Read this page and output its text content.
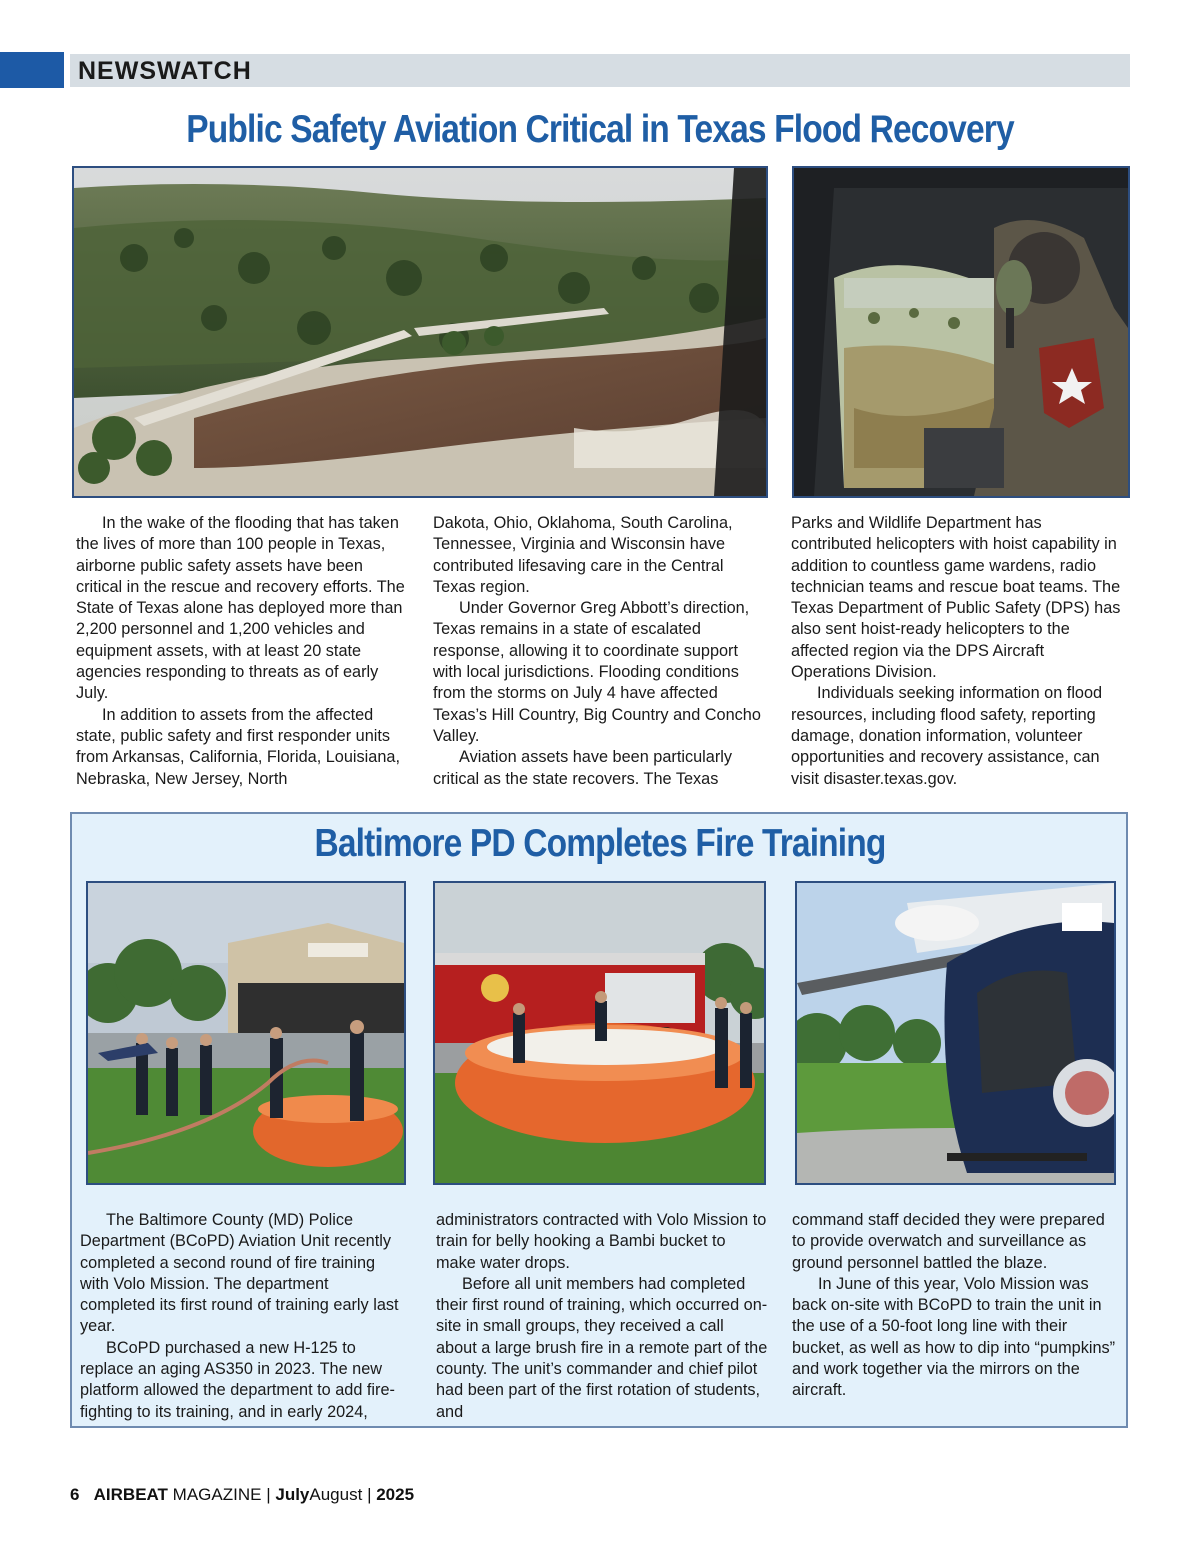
NEWSWATCH
Public Safety Aviation Critical in Texas Flood Recovery

In the wake of the flooding that has taken the lives of more than 100 people in Texas, airborne public safety assets have been critical in the rescue and recovery efforts. The State of Texas alone has deployed more than 2,200 personnel and 1,200 vehicles and equipment assets, with at least 20 state agencies responding to threats as of early July.

In addition to assets from the affected state, public safety and first responder units from Arkansas, California, Florida, Louisiana, Nebraska, New Jersey, North

Dakota, Ohio, Oklahoma, South Carolina, Tennessee, Virginia and Wisconsin have contributed lifesaving care in the Central Texas region.

Under Governor Greg Abbott’s direction, Texas remains in a state of escalated response, allowing it to coordinate support with local jurisdictions. Flooding conditions from the storms on July 4 have affected Texas’s Hill Country, Big Country and Concho Valley.

Aviation assets have been particularly critical as the state recovers. The Texas

Parks and Wildlife Department has contributed helicopters with hoist capability in addition to countless game wardens, radio technician teams and rescue boat teams. The Texas Department of Public Safety (DPS) has also sent hoist-ready helicopters to the affected region via the DPS Aircraft Operations Division.

Individuals seeking information on flood resources, including flood safety, reporting damage, donation information, volunteer opportunities and recovery assistance, can visit disaster.texas.gov.

Baltimore PD Completes Fire Training

The Baltimore County (MD) Police Department (BCoPD) Aviation Unit recently completed a second round of fire training with Volo Mission. The department completed its first round of training early last year.

BCoPD purchased a new H-125 to replace an aging AS350 in 2023. The new platform allowed the department to add firefighting to its training, and in early 2024,

administrators contracted with Volo Mission to train for belly hooking a Bambi bucket to make water drops.

Before all unit members had completed their first round of training, which occurred on-site in small groups, they received a call about a large brush fire in a remote part of the county. The unit’s commander and chief pilot had been part of the first rotation of students, and

command staff decided they were prepared to provide overwatch and surveillance as ground personnel battled the blaze.

In June of this year, Volo Mission was back on-site with BCoPD to train the unit in the use of a 50-foot long line with their bucket, as well as how to dip into “pumpkins” and work together via the mirrors on the aircraft.

6 AIRBEAT MAGAZINE | JulyAugust | 2025
